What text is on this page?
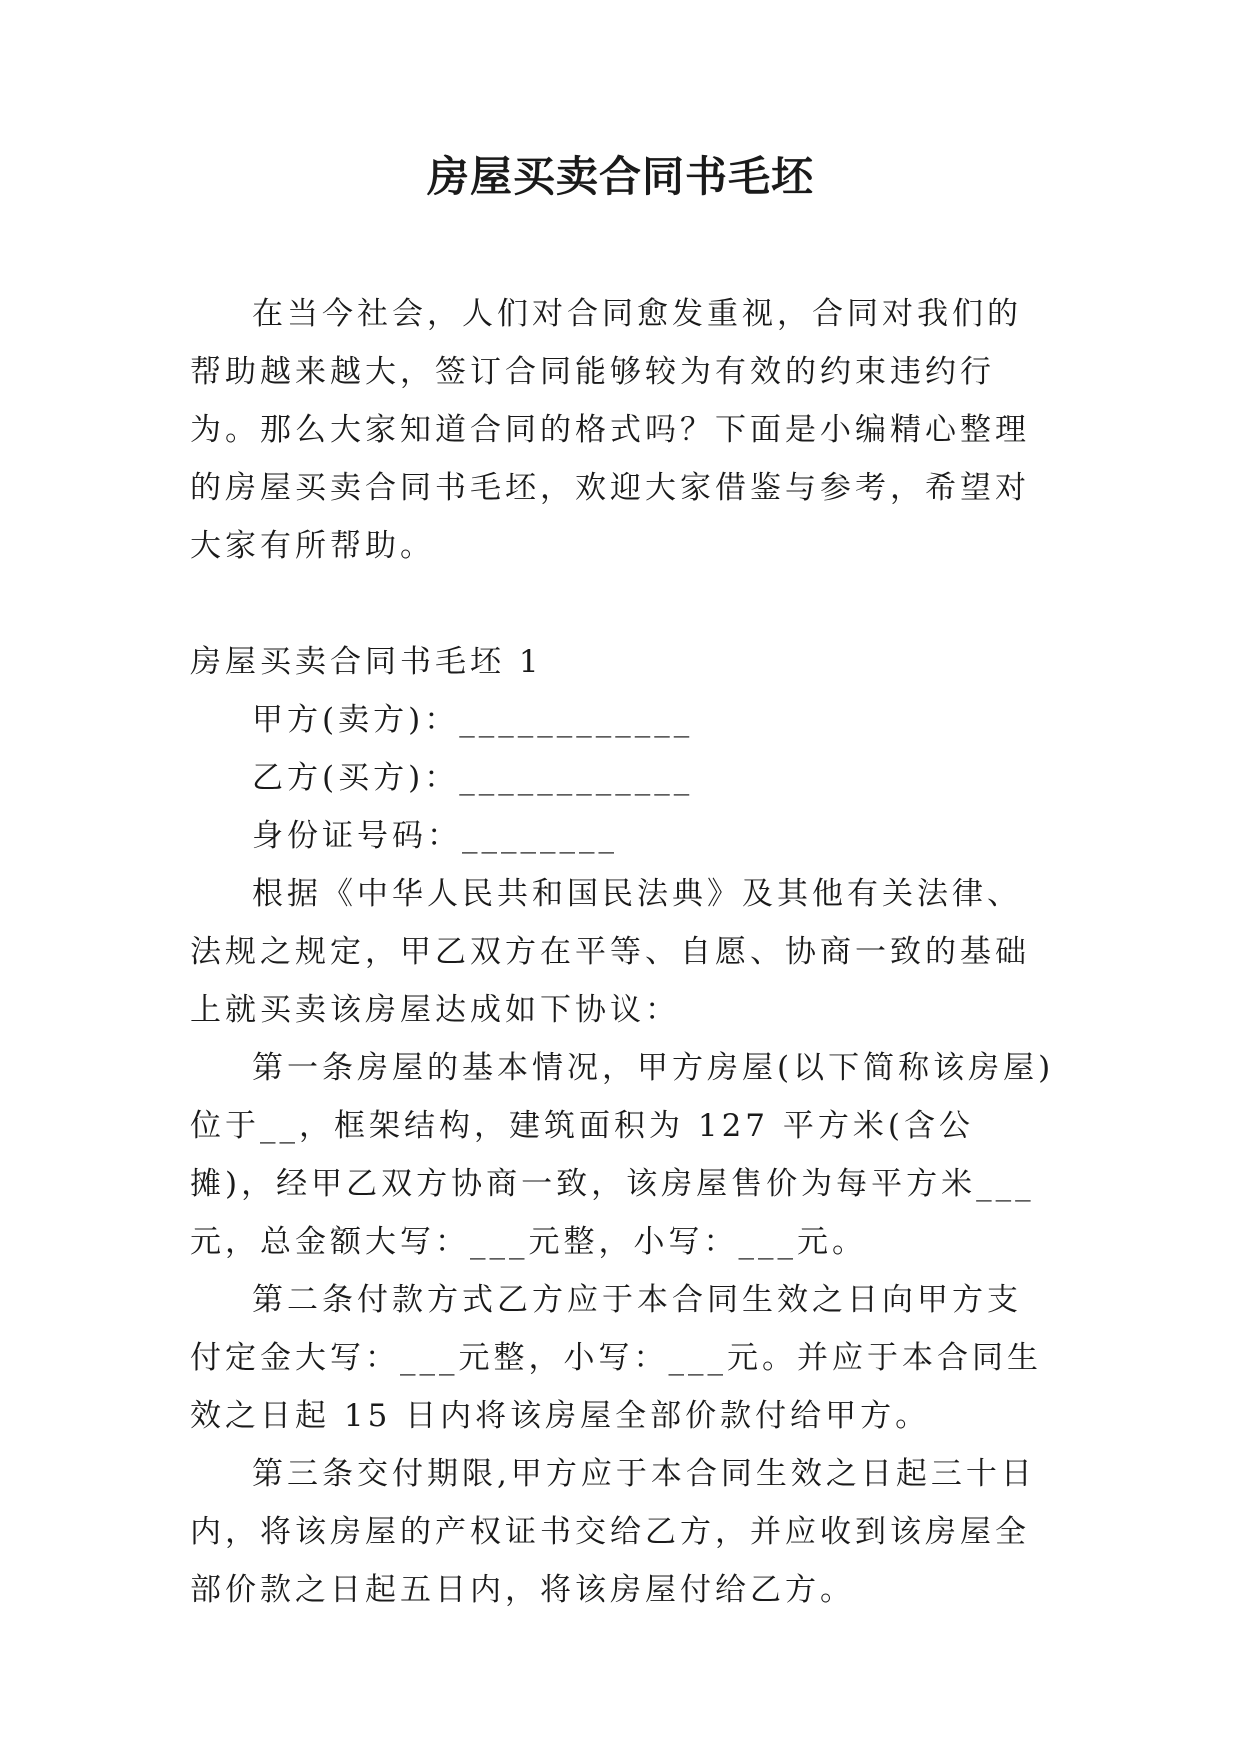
房屋买卖合同书毛坯

在当今社会，人们对合同愈发重视，合同对我们的帮助越来越大，签订合同能够较为有效的约束违约行为。那么大家知道合同的格式吗？下面是小编精心整理的房屋买卖合同书毛坯，欢迎大家借鉴与参考，希望对大家有所帮助。

房屋买卖合同书毛坯 1

甲方(卖方)：____________

乙方(买方)：____________

身份证号码：________

根据《中华人民共和国民法典》及其他有关法律、法规之规定，甲乙双方在平等、自愿、协商一致的基础上就买卖该房屋达成如下协议：

第一条房屋的基本情况，甲方房屋(以下简称该房屋)位于__，框架结构，建筑面积为 127 平方米(含公摊)，经甲乙双方协商一致，该房屋售价为每平方米___元，总金额大写：___元整，小写：___元。

第二条付款方式乙方应于本合同生效之日向甲方支付定金大写：___元整，小写：___元。并应于本合同生效之日起 15 日内将该房屋全部价款付给甲方。

第三条交付期限,甲方应于本合同生效之日起三十日内，将该房屋的产权证书交给乙方，并应收到该房屋全部价款之日起五日内，将该房屋付给乙方。
